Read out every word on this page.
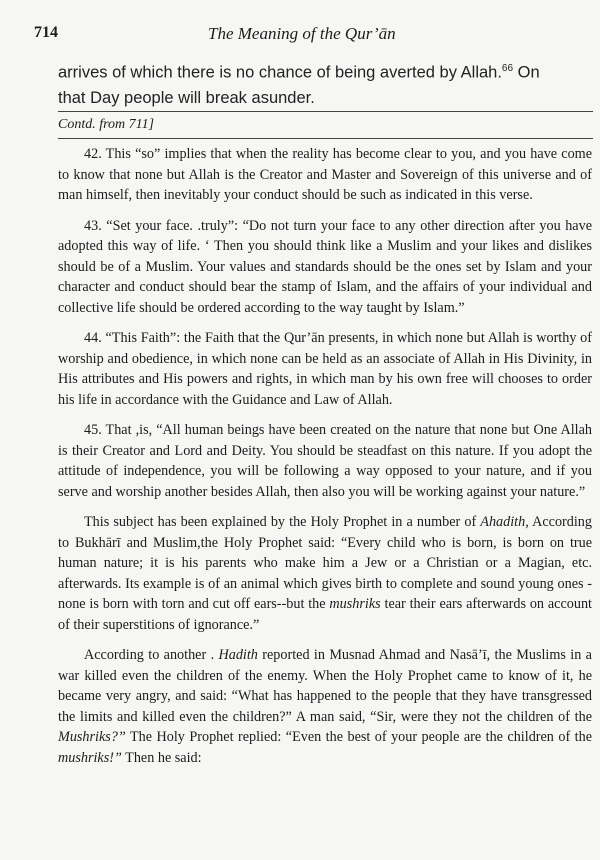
714	The Meaning of the Qur’ān
arrives of which there is no chance of being averted by Allah.$^{66}$ On that Day people will break asunder.
Contd. from 711]

42. This “so” implies that when the reality has become clear to you, and you have come to know that none but Allah is the Creator and Master and Sovereign of this universe and of man himself, then inevitably your conduct should be such as indicated in this verse.

43. “Set your face. .truly”: “Do not turn your face to any other direction after you have adopted this way of life. ‘ Then you should think like a Muslim and your likes and dislikes should be of a Muslim. Your values and standards should be the ones set by Islam and your character and conduct should bear the stamp of Islam, and the affairs of your individual and collective life should be ordered according to the way taught by Islam.”

44. “This Faith”: the Faith that the Qur’ān presents, in which none but Allah is worthy of worship and obedience, in which none can be held as an associate of Allah in His Divinity, in His attributes and His powers and rights, in which man by his own free will chooses to order his life in accordance with the Guidance and Law of Allah.

45. That ,is, “All human beings have been created on the nature that none but One Allah is their Creator and Lord and Deity. You should be steadfast on this nature. If you adopt the attitude of independence, you will be following a way opposed to your nature, and if you serve and worship another besides Allah, then also you will be working against your nature.”

This subject has been explained by the Holy Prophet in a number of Ahadith, According to Bukhārī and Muslim,the Holy Prophet said: “Every child who is born, is born on true human nature; it is his parents who make him a Jew or a Christian or a Magian, etc. afterwards. Its example is of an animal which gives birth to complete and sound young ones - none is born with torn and cut off ears--but the mushriks tear their ears afterwards on account of their superstitions of ignorance.”

According to another . Hadith reported in Musnad Ahmad and Nasā’ī, the Muslims in a war killed even the children of the enemy. When the Holy Prophet came to know of it, he became very angry, and said: “What has happened to the people that they have transgressed the limits and killed even the children?” A man said, “Sir, were they not the children of the Mushriks?” The Holy Prophet replied: “Even the best of your people are the children of the mushriks!” Then he said:
